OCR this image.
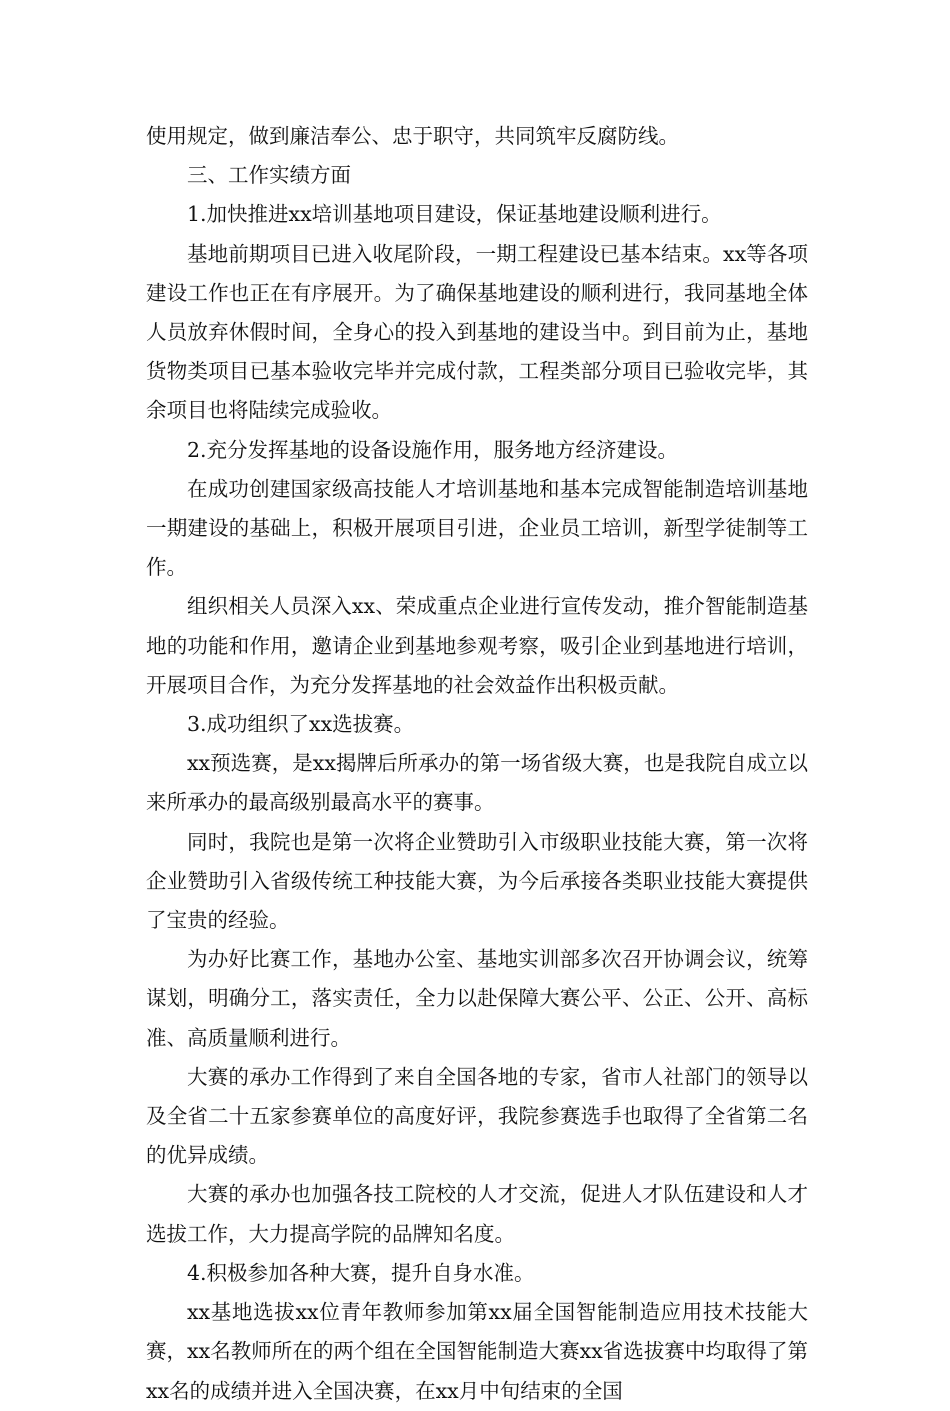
使用规定，做到廉洁奉公、忠于职守，共同筑牢反腐防线。

三、工作实绩方面

1.加快推进xx培训基地项目建设，保证基地建设顺利进行。

基地前期项目已进入收尾阶段，一期工程建设已基本结束。xx等各项建设工作也正在有序展开。为了确保基地建设的顺利进行，我同基地全体人员放弃休假时间，全身心的投入到基地的建设当中。到目前为止，基地货物类项目已基本验收完毕并完成付款，工程类部分项目已验收完毕，其余项目也将陆续完成验收。

2.充分发挥基地的设备设施作用，服务地方经济建设。

在成功创建国家级高技能人才培训基地和基本完成智能制造培训基地一期建设的基础上，积极开展项目引进，企业员工培训，新型学徒制等工作。

组织相关人员深入xx、荣成重点企业进行宣传发动，推介智能制造基地的功能和作用，邀请企业到基地参观考察，吸引企业到基地进行培训，开展项目合作，为充分发挥基地的社会效益作出积极贡献。

3.成功组织了xx选拔赛。

xx预选赛，是xx揭牌后所承办的第一场省级大赛，也是我院自成立以来所承办的最高级别最高水平的赛事。

同时，我院也是第一次将企业赞助引入市级职业技能大赛，第一次将企业赞助引入省级传统工种技能大赛，为今后承接各类职业技能大赛提供了宝贵的经验。

为办好比赛工作，基地办公室、基地实训部多次召开协调会议，统筹谋划，明确分工，落实责任，全力以赴保障大赛公平、公正、公开、高标准、高质量顺利进行。

大赛的承办工作得到了来自全国各地的专家，省市人社部门的领导以及全省二十五家参赛单位的高度好评，我院参赛选手也取得了全省第二名的优异成绩。

大赛的承办也加强各技工院校的人才交流，促进人才队伍建设和人才选拔工作，大力提高学院的品牌知名度。

4.积极参加各种大赛，提升自身水准。

xx基地选拔xx位青年教师参加第xx届全国智能制造应用技术技能大赛，xx名教师所在的两个组在全国智能制造大赛xx省选拔赛中均取得了第xx名的成绩并进入全国决赛，在xx月中旬结束的全国
